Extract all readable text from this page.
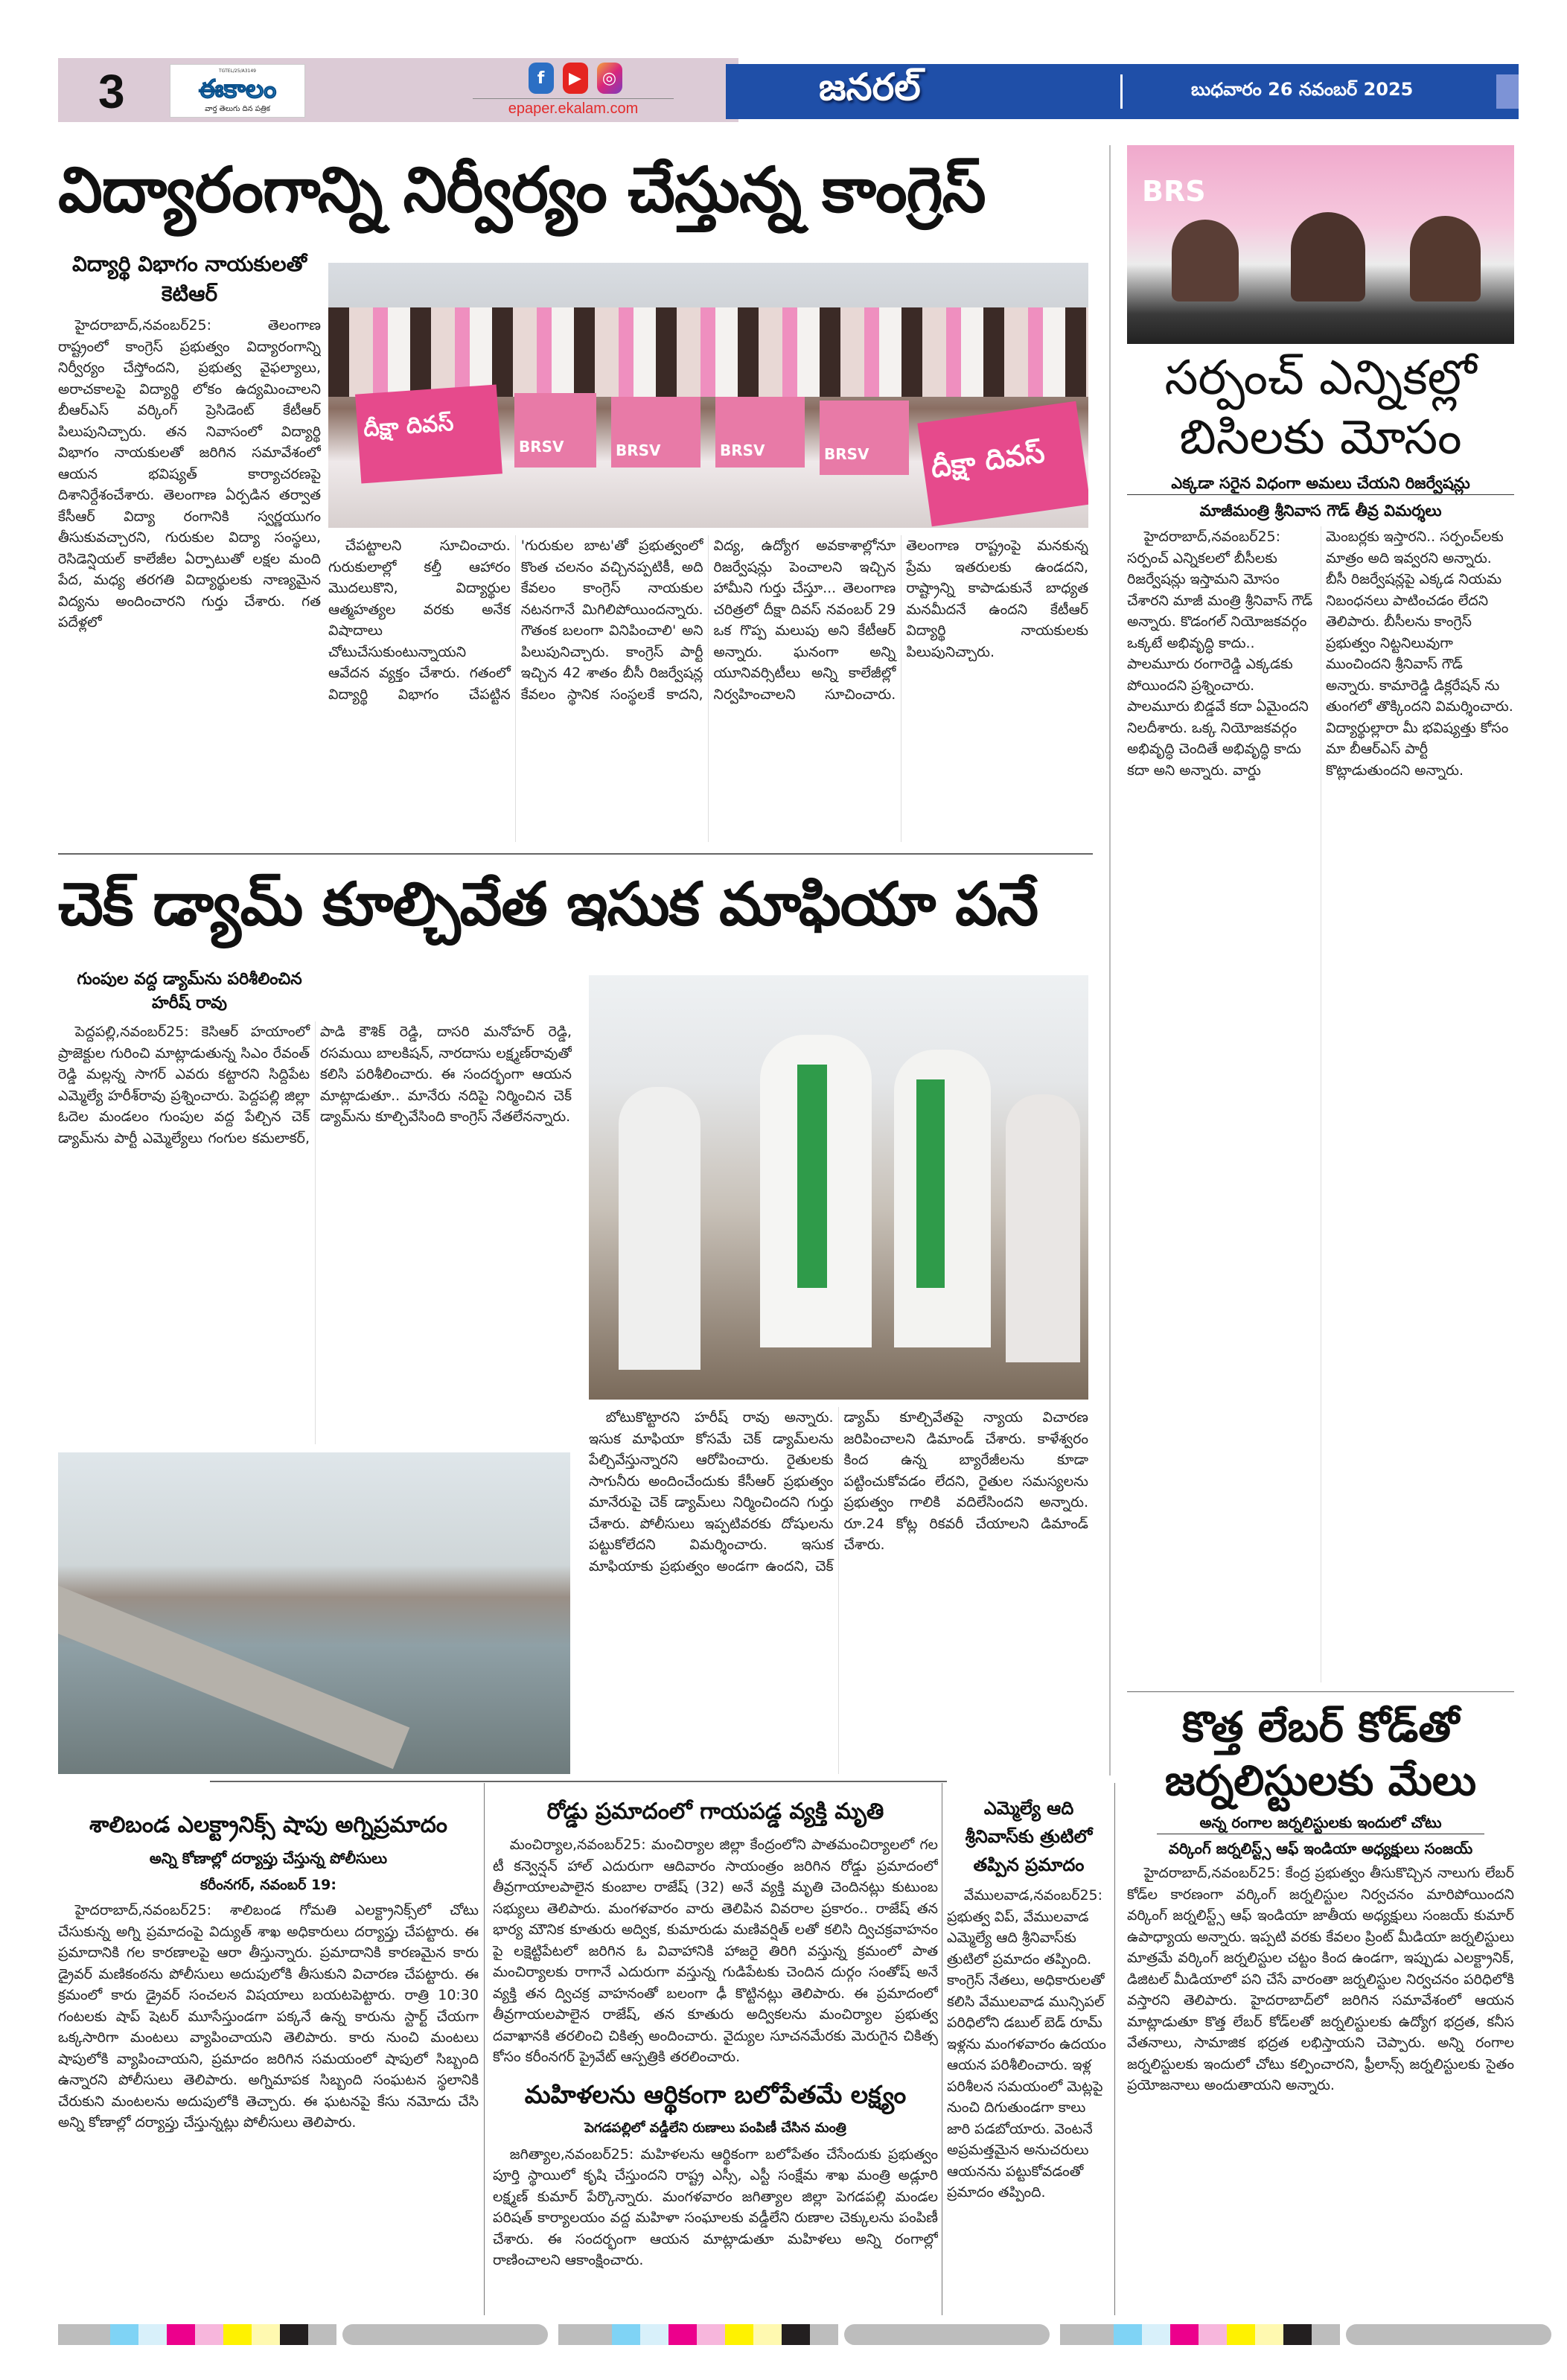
3	TGTEL/25/A3149
ఈకాలం
వార్త తెలుగు దిన పత్రిక
f	▶	◎
epaper.ekalam.com	జనరల్	బుధవారం 26 నవంబర్ 2025
విద్యారంగాన్ని నిర్వీర్యం చేస్తున్న కాంగ్రెస్
విద్యార్థి విభాగం నాయకులతో కెటిఆర్

హైదరాబాద్,నవంబర్25: తెలంగాణ రాష్ట్రంలో కాంగ్రెస్ ప్రభుత్వం విద్యారంగాన్ని నిర్వీర్యం చేస్తోందని, ప్రభుత్వ వైఫల్యాలు, అరాచకాలపై విద్యార్థి లోకం ఉద్యమించాలని బీఆర్ఎస్ వర్కింగ్ ప్రెసిడెంట్ కేటీఆర్ పిలుపునిచ్చారు. తన నివాసంలో విద్యార్థి విభాగం నాయకులతో జరిగిన సమావేశంలో ఆయన భవిష్యత్ కార్యాచరణపై దిశానిర్దేశంచేశారు. తెలంగాణ ఏర్పడిన తర్వాత కేసీఆర్ విద్యా రంగానికి స్వర్ణయుగం తీసుకువచ్చారని, గురుకుల విద్యా సంస్థలు, రెసిడెన్షియల్ కాలేజీల ఏర్పాటుతో లక్షల మంది పేద, మధ్య తరగతి విద్యార్థులకు నాణ్యమైన విద్యను అందించారని గుర్తు చేశారు. గత పదేళ్లలో

దీక్షా దివస్
BRSV	BRSV	BRSV	BRSV	దీక్షా దివస్

చేపట్టాలని సూచించారు. గురుకులాల్లో కల్తీ ఆహారం మొదలుకొని, విద్యార్థుల ఆత్మహత్యల వరకు అనేక విషాదాలు చోటుచేసుకుంటున్నాయని ఆవేదన వ్యక్తం చేశారు. గతంలో విద్యార్థి విభాగం చేపట్టిన 'గురుకుల బాట'తో ప్రభుత్వంలో కొంత చలనం వచ్చినప్పటికీ, అది కేవలం కాంగ్రెస్ నాయకుల నటనగానే మిగిలిపోయిందన్నారు. గౌతంక బలంగా వినిపించాలి' అని పిలుపునిచ్చారు. కాంగ్రెస్ పార్టీ ఇచ్చిన 42 శాతం బీసీ రిజర్వేషన్ల కేవలం స్థానిక సంస్థలకే కాదని, విద్య, ఉద్యోగ అవకాశాల్లోనూ రిజర్వేషన్లు పెంచాలని ఇచ్చిన హామీని గుర్తు చేస్తూ... తెలంగాణ చరిత్రలో దీక్షా దివస్ నవంబర్ 29 ఒక గొప్ప మలుపు అని కేటీఆర్ అన్నారు. ఘనంగా అన్ని యూనివర్సిటీలు అన్ని కాలేజీల్లో నిర్వహించాలని సూచించారు. తెలంగాణ రాష్ట్రంపై మనకున్న ప్రేమ ఇతరులకు ఉండదని, రాష్ట్రాన్ని కాపాడుకునే బాధ్యత మనమీదనే ఉందని కేటీఆర్ విద్యార్థి నాయకులకు పిలుపునిచ్చారు.

BRS
సర్పంచ్ ఎన్నికల్లో బిసిలకు మోసం
ఎక్కడా సరైన విధంగా అమలు చేయని రిజర్వేషన్లు
మాజీమంత్రి శ్రీనివాస గౌడ్ తీవ్ర విమర్శలు

హైదరాబాద్,నవంబర్25: సర్పంచ్ ఎన్నికలలో బీసీలకు రిజర్వేషన్లు ఇస్తామని మోసం చేశారని మాజీ మంత్రి శ్రీనివాస్ గౌడ్ అన్నారు. కొడంగల్ నియోజకవర్గం ఒక్కటే అభివృద్ధి కాదు.. పాలమూరు రంగారెడ్డి ఎక్కడకు పోయిందని ప్రశ్నించారు. పాలమూరు బిడ్డవే కదా ఏమైందని నిలదీశారు. ఒక్క నియోజకవర్గం అభివృద్ధి చెందితే అభివృద్ధి కాదు కదా అని అన్నారు. వార్డు మెంబర్లకు ఇస్తారని.. సర్పంచ్‌లకు మాత్రం అది ఇవ్వరని అన్నారు. బీసీ రిజర్వేషన్లపై ఎక్కడ నియమ నిబంధనలు పాటించడం లేదని తెలిపారు. బీసీలను కాంగ్రెస్ ప్రభుత్వం నిట్టనిలువుగా ముంచిందని శ్రీనివాస్ గౌడ్ అన్నారు. కామారెడ్డి డిక్లరేషన్ ను తుంగలో తొక్కిందని విమర్శించారు. విద్యార్థుల్లారా మీ భవిష్యత్తు కోసం మా బీఆర్ఎస్ పార్టీ కొట్లాడుతుందని అన్నారు.

చెక్ డ్యామ్ కూల్చివేత ఇసుక మాఫియా పనే
గుంపుల వద్ద డ్యామ్‌ను పరిశీలించిన హరీష్ రావు

పెద్దపల్లి,నవంబర్25: కెసిఆర్ హయాంలో ప్రాజెక్టుల గురించి మాట్లాడుతున్న సిఎం రేవంత్ రెడ్డి మల్లన్న సాగర్ ఎవరు కట్టారని సిద్దిపేట ఎమ్మెల్యే హరీశ్‌రావు ప్రశ్నించారు. పెద్దపల్లి జిల్లా ఓదెల మండలం గుంపుల వద్ద పేల్చిన చెక్ డ్యామ్‌ను పార్టీ ఎమ్మెల్యేలు గంగుల కమలాకర్, పాడి కౌశిక్ రెడ్డి, దాసరి మనోహర్ రెడ్డి, రసమయి బాలకిషన్, నారదాసు లక్ష్మణ్‌రావుతో కలిసి పరిశీలించారు. ఈ సందర్భంగా ఆయన మాట్లాడుతూ.. మానేరు నదిపై నిర్మించిన చెక్ డ్యామ్‌ను కూల్చివేసింది కాంగ్రెస్ నేతలేనన్నారు.

బోటుకొట్టారని హరీష్ రావు అన్నారు. ఇసుక మాఫియా కోసమే చెక్ డ్యామ్‌లను పేల్చివేస్తున్నారని ఆరోపించారు. రైతులకు సాగునీరు అందించేందుకు కేసీఆర్ ప్రభుత్వం మానేరుపై చెక్ డ్యామ్‌లు నిర్మించిందని గుర్తు చేశారు. పోలీసులు ఇప్పటివరకు దోషులను పట్టుకోలేదని విమర్శించారు. ఇసుక మాఫియాకు ప్రభుత్వం అండగా ఉందని, చెక్ డ్యామ్ కూల్చివేతపై న్యాయ విచారణ జరిపించాలని డిమాండ్ చేశారు. కాళేశ్వరం కింద ఉన్న బ్యారేజీలను కూడా పట్టించుకోవడం లేదని, రైతుల సమస్యలను ప్రభుత్వం గాలికి వదిలేసిందని అన్నారు. రూ.24 కోట్ల రికవరీ చేయాలని డిమాండ్ చేశారు.

కొత్త లేబర్ కోడ్‌తో జర్నలిస్టులకు మేలు
అన్న రంగాల జర్నలిస్టులకు ఇందులో చోటు
వర్కింగ్ జర్నలిస్ట్స్ ఆఫ్ ఇండియా అధ్యక్షులు సంజయ్

హైదరాబాద్,నవంబర్25: కేంద్ర ప్రభుత్వం తీసుకొచ్చిన నాలుగు లేబర్ కోడ్‌ల కారణంగా వర్కింగ్ జర్నలిస్టుల నిర్వచనం మారిపోయిందని వర్కింగ్ జర్నలిస్ట్స్ ఆఫ్ ఇండియా జాతీయ అధ్యక్షులు సంజయ్ కుమార్ ఉపాధ్యాయ అన్నారు. ఇప్పటి వరకు కేవలం ప్రింట్ మీడియా జర్నలిస్టులు మాత్రమే వర్కింగ్ జర్నలిస్టుల చట్టం కింద ఉండగా, ఇప్పుడు ఎలక్ట్రానిక్, డిజిటల్ మీడియాలో పని చేసే వారంతా జర్నలిస్టుల నిర్వచనం పరిధిలోకి వస్తారని తెలిపారు. హైదరాబాద్‌లో జరిగిన సమావేశంలో ఆయన మాట్లాడుతూ కొత్త లేబర్ కోడ్‌లతో జర్నలిస్టులకు ఉద్యోగ భద్రత, కనీస వేతనాలు, సామాజిక భద్రత లభిస్తాయని చెప్పారు. అన్ని రంగాల జర్నలిస్టులకు ఇందులో చోటు కల్పించారని, ఫ్రీలాన్స్ జర్నలిస్టులకు సైతం ప్రయోజనాలు అందుతాయని అన్నారు.

శాలిబండ ఎలక్ట్రానిక్స్ షాపు అగ్నిప్రమాదం
అన్ని కోణాల్లో దర్యాప్తు చేస్తున్న పోలీసులు
కరీంనగర్, నవంబర్ 19:

హైదరాబాద్,నవంబర్25: శాలిబండ గోమతి ఎలక్ట్రానిక్స్‌లో చోటు చేసుకున్న అగ్ని ప్రమాదంపై విద్యుత్ శాఖ అధికారులు దర్యాప్తు చేపట్టారు. ఈ ప్రమాదానికి గల కారణాలపై ఆరా తీస్తున్నారు. ప్రమాదానికి కారణమైన కారు డ్రైవర్ మణికంఠను పోలీసులు అదుపులోకి తీసుకుని విచారణ చేపట్టారు. ఈ క్రమంలో కారు డ్రైవర్ సంచలన విషయాలు బయటపెట్టారు. రాత్రి 10:30 గంటలకు షాప్ షెటర్ మూసేస్తుండగా పక్కనే ఉన్న కారును స్టార్ట్ చేయగా ఒక్కసారిగా మంటలు వ్యాపించాయని తెలిపారు. కారు నుంచి మంటలు షాపులోకి వ్యాపించాయని, ప్రమాదం జరిగిన సమయంలో షాపులో సిబ్బంది ఉన్నారని పోలీసులు తెలిపారు. అగ్నిమాపక సిబ్బంది సంఘటన స్థలానికి చేరుకుని మంటలను అదుపులోకి తెచ్చారు. ఈ ఘటనపై కేసు నమోదు చేసి అన్ని కోణాల్లో దర్యాప్తు చేస్తున్నట్లు పోలీసులు తెలిపారు.

రోడ్డు ప్రమాదంలో గాయపడ్డ వ్యక్తి మృతి

మంచిర్యాల,నవంబర్25: మంచిర్యాల జిల్లా కేంద్రంలోని పాతమంచిర్యాలలో గల టీ కన్వెన్షన్ హాల్ ఎదురుగా ఆదివారం సాయంత్రం జరిగిన రోడ్డు ప్రమాదంలో తీవ్రగాయాలపాలైన కుంబాల రాజేష్ (32) అనే వ్యక్తి మృతి చెందినట్లు కుటుంబ సభ్యులు తెలిపారు. మంగళవారం వారు తెలిపిన వివరాల ప్రకారం.. రాజేష్ తన భార్య మౌనిక కూతురు అద్విక, కుమారుడు మణివర్షిత్ లతో కలిసి ద్విచక్రవాహనం పై లక్షెట్టిపేటలో జరిగిన ఓ వివాహానికి హాజరై తిరిగి వస్తున్న క్రమంలో పాత మంచిర్యాలకు రాగానే ఎదురుగా వస్తున్న గుడిపేటకు చెందిన దుర్గం సంతోష్ అనే వ్యక్తి తన ద్విచక్ర వాహనంతో బలంగా ఢీ కొట్టినట్లు తెలిపారు. ఈ ప్రమాదంలో తీవ్రగాయలపాలైన రాజేష్, తన కూతురు అద్వికలను మంచిర్యాల ప్రభుత్వ దవాఖానకి తరలించి చికిత్స అందించారు. వైద్యుల సూచనమేరకు మెరుగైన చికిత్స కోసం కరీంనగర్ ప్రైవేట్ ఆస్పత్రికి తరలించారు.

మహిళలను ఆర్థికంగా బలోపేతమే లక్ష్యం
పెగడపల్లిలో వడ్డీలేని రుణాలు పంపిణీ చేసిన మంత్రి

జగిత్యాల,నవంబర్25: మహిళలను ఆర్థికంగా బలోపేతం చేసేందుకు ప్రభుత్వం పూర్తి స్థాయిలో కృషి చేస్తుందని రాష్ట్ర ఎస్సీ, ఎస్టీ సంక్షేమ శాఖ మంత్రి అడ్లూరి లక్ష్మణ్ కుమార్ పేర్కొన్నారు. మంగళవారం జగిత్యాల జిల్లా పెగడపల్లి మండల పరిషత్ కార్యాలయం వద్ద మహిళా సంఘాలకు వడ్డీలేని రుణాల చెక్కులను పంపిణీ చేశారు. ఈ సందర్భంగా ఆయన మాట్లాడుతూ మహిళలు అన్ని రంగాల్లో రాణించాలని ఆకాంక్షించారు.

ఎమ్మెల్యే ఆది శ్రీనివాస్‌కు త్రుటిలో తప్పిన ప్రమాదం

వేములవాడ,నవంబర్25: ప్రభుత్వ విప్, వేములవాడ ఎమ్మెల్యే ఆది శ్రీనివాస్‌కు త్రుటిలో ప్రమాదం తప్పింది. కాంగ్రెస్ నేతలు, అధికారులతో కలిసి వేములవాడ మున్సిపల్ పరిధిలోని డబుల్ బెడ్ రూమ్ ఇళ్లను మంగళవారం ఉదయం ఆయన పరిశీలించారు. ఇళ్ల పరిశీలన సమయంలో మెట్లపై నుంచి దిగుతుండగా కాలు జారి పడబోయారు. వెంటనే అప్రమత్తమైన అనుచరులు ఆయనను పట్టుకోవడంతో ప్రమాదం తప్పింది.
